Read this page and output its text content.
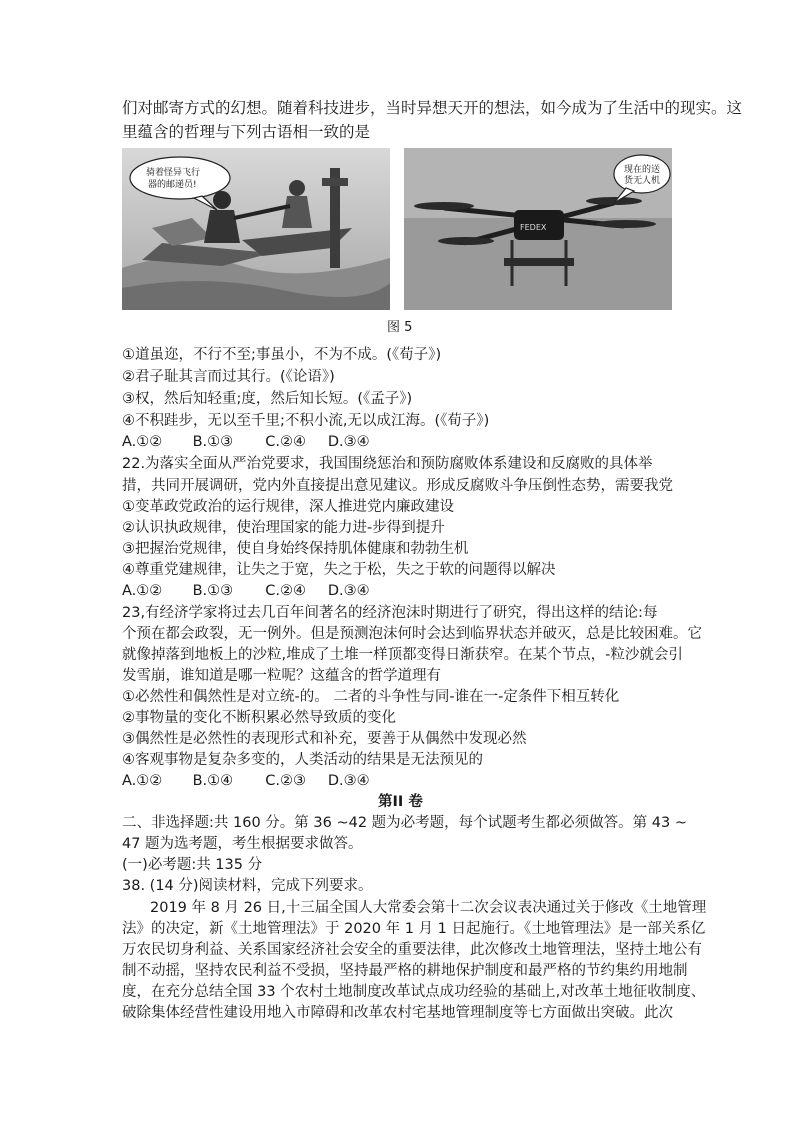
们对邮寄方式的幻想。随着科技进步，当时异想天开的想法，如今成为了生活中的现实。这
里蕴含的哲理与下列古语相一致的是
骑着怪异飞行
器的邮递员!
FEDEX
现在的送
货无人机
图 5
①道虽迩，不行不至;事虽小，不为不成。(《荀子》)
②君子耻其言而过其行。(《论语》)
③权，然后知轻重;度，然后知长短。(《孟子》)
④不积跬步，无以至千里;不积小流,无以成江海。(《荀子》)
A.①② B.①③ C.②④ D.③④
22.为落实全面从严治党要求，我国围绕惩治和预防腐败体系建设和反腐败的具体举
措，共同开展调研，党内外直接提出意见建议。形成反腐败斗争压倒性态势，需要我党
①变革政党政治的运行规律，深人推进党内廉政建设
②认识执政规律，使治理国家的能力进-步得到提升
③把握治党规律，使自身始终保持肌体健康和勃勃生机
④尊重党建规律，让失之于宽，失之于松，失之于软的问题得以解决
A.①② B.①③ C.②④ D.③④
23,有经济学家将过去几百年间著名的经济泡沫时期进行了研究，得出这样的结论:每
个预在都会政裂，无一例外。但是预测泡沫何时会达到临界状态并破灭，总是比较困难。它
就像掉落到地板上的沙粒,堆成了土堆一样顶都变得日渐获窄。在某个节点，-粒沙就会引
发雪崩，谁知道是哪一粒呢？这蕴含的哲学道理有
①必然性和偶然性是对立统-的。 二者的斗争性与同-谁在一-定条件下相互转化
②事物量的变化不断积累必然导致质的变化
③偶然性是必然性的表现形式和补充，要善于从偶然中发现必然
④客观事物是复杂多变的，人类活动的结果是无法预见的
A.①② B.①④ C.②③ D.③④
第II 卷
二、非选择题:共 160 分。第 36 ~42 题为必考题，每个试题考生都必须做答。第 43 ~
47 题为选考题，考生根据要求做答。
(一)必考题:共 135 分
38. (14 分)阅读材料，完成下列要求。
2019 年 8 月 26 日,十三届全国人大常委会第十二次会议表决通过关于修改《土地管理
法》的决定，新《土地管理法》于 2020 年 1 月 1 日起施行。《土地管理法》是一部关系亿
万农民切身利益、关系国家经济社会安全的重要法律，此次修改土地管理法，坚持土地公有
制不动摇，坚持农民利益不受损，坚持最严格的耕地保护制度和最严格的节约集约用地制
度，在充分总结全国 33 个农村土地制度改革试点成功经验的基础上,对改革土地征收制度、
破除集体经营性建设用地入市障碍和改革农村宅基地管理制度等七方面做出突破。此次
